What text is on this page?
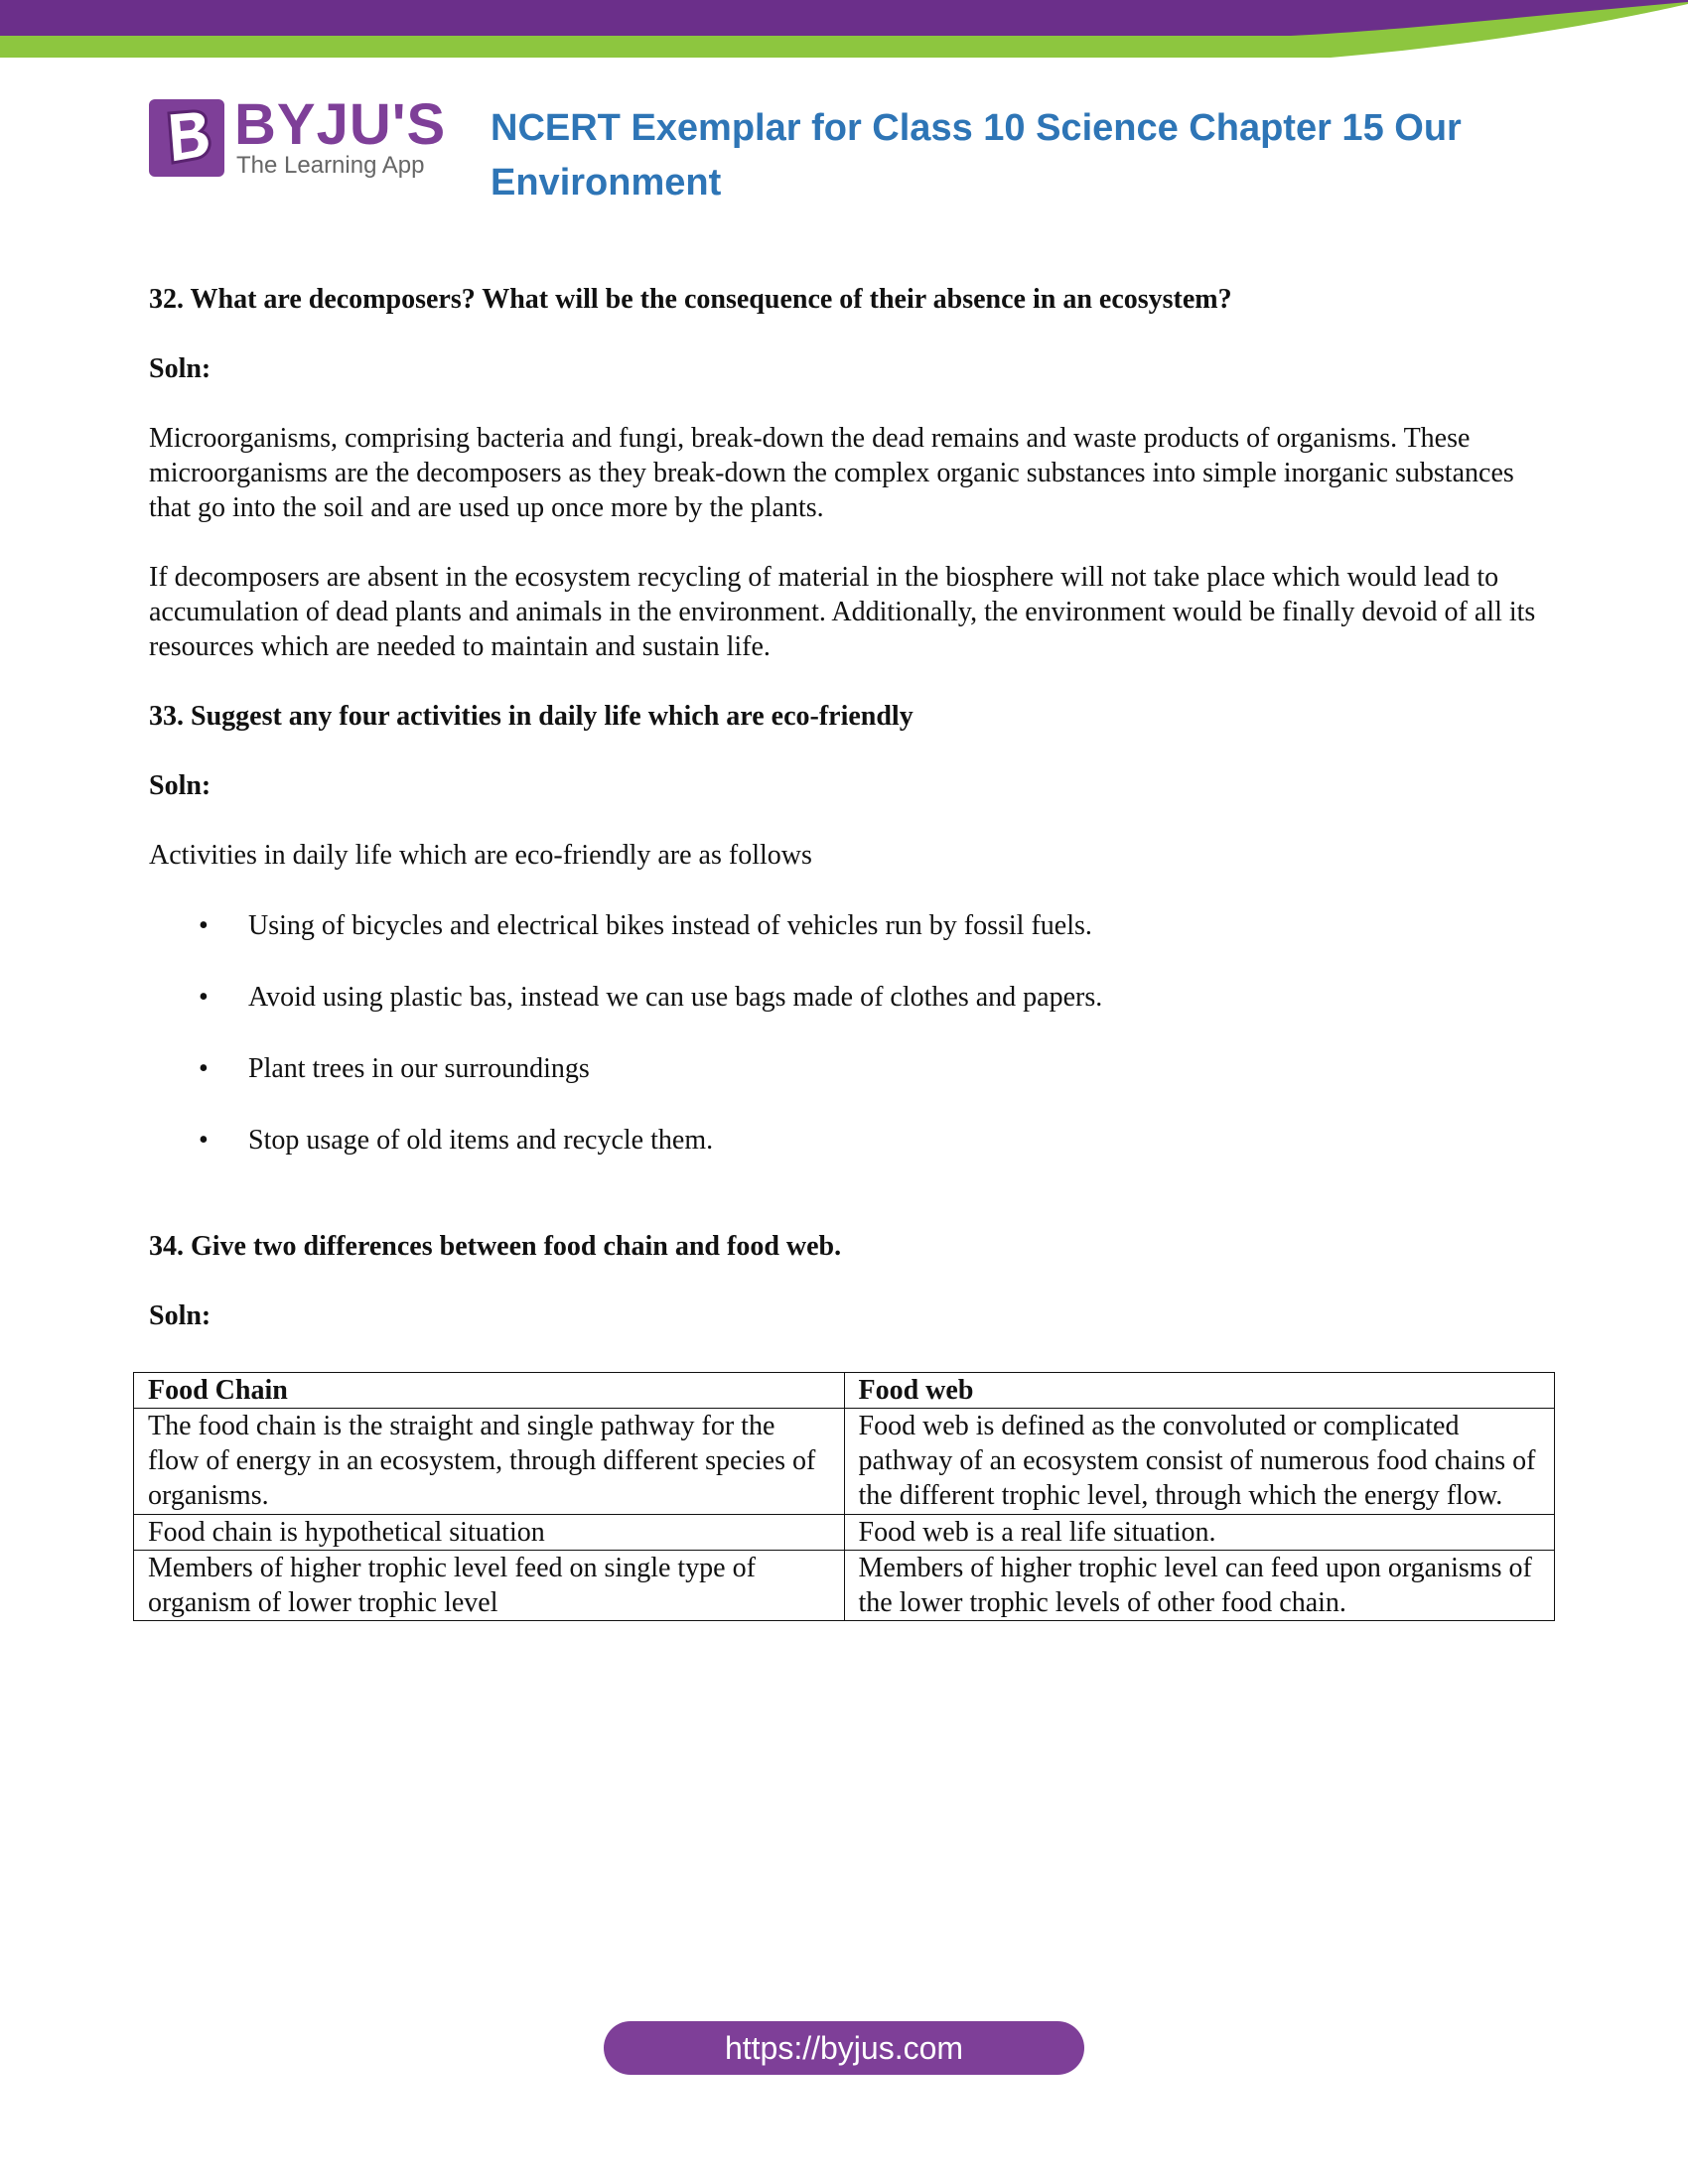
BYJU'S
The Learning App
NCERT Exemplar for Class 10 Science Chapter 15 Our Environment
32. What are decomposers? What will be the consequence of their absence in an ecosystem?
Soln:
Microorganisms, comprising bacteria and fungi, break-down the dead remains and waste products of organisms. These microorganisms are the decomposers as they break-down the complex organic substances into simple inorganic substances that go into the soil and are used up once more by the plants.
If decomposers are absent in the ecosystem recycling of material in the biosphere will not take place which would lead to accumulation of dead plants and animals in the environment. Additionally, the environment would be finally devoid of all its resources which are needed to maintain and sustain life.
33. Suggest any four activities in daily life which are eco-friendly
Soln:
Activities in daily life which are eco-friendly are as follows
• Using of bicycles and electrical bikes instead of vehicles run by fossil fuels.
• Avoid using plastic bas, instead we can use bags made of clothes and papers.
• Plant trees in our surroundings
• Stop usage of old items and recycle them.
34. Give two differences between food chain and food web.
Soln:
Food Chain	Food web
The food chain is the straight and single pathway for the flow of energy in an ecosystem, through different species of organisms.	Food web is defined as the convoluted or complicated pathway of an ecosystem consist of numerous food chains of the different trophic level, through which the energy flow.
Food chain is hypothetical situation	Food web is a real life situation.
Members of higher trophic level feed on single type of organism of lower trophic level	Members of higher trophic level can feed upon organisms of the lower trophic levels of other food chain.
https://byjus.com
